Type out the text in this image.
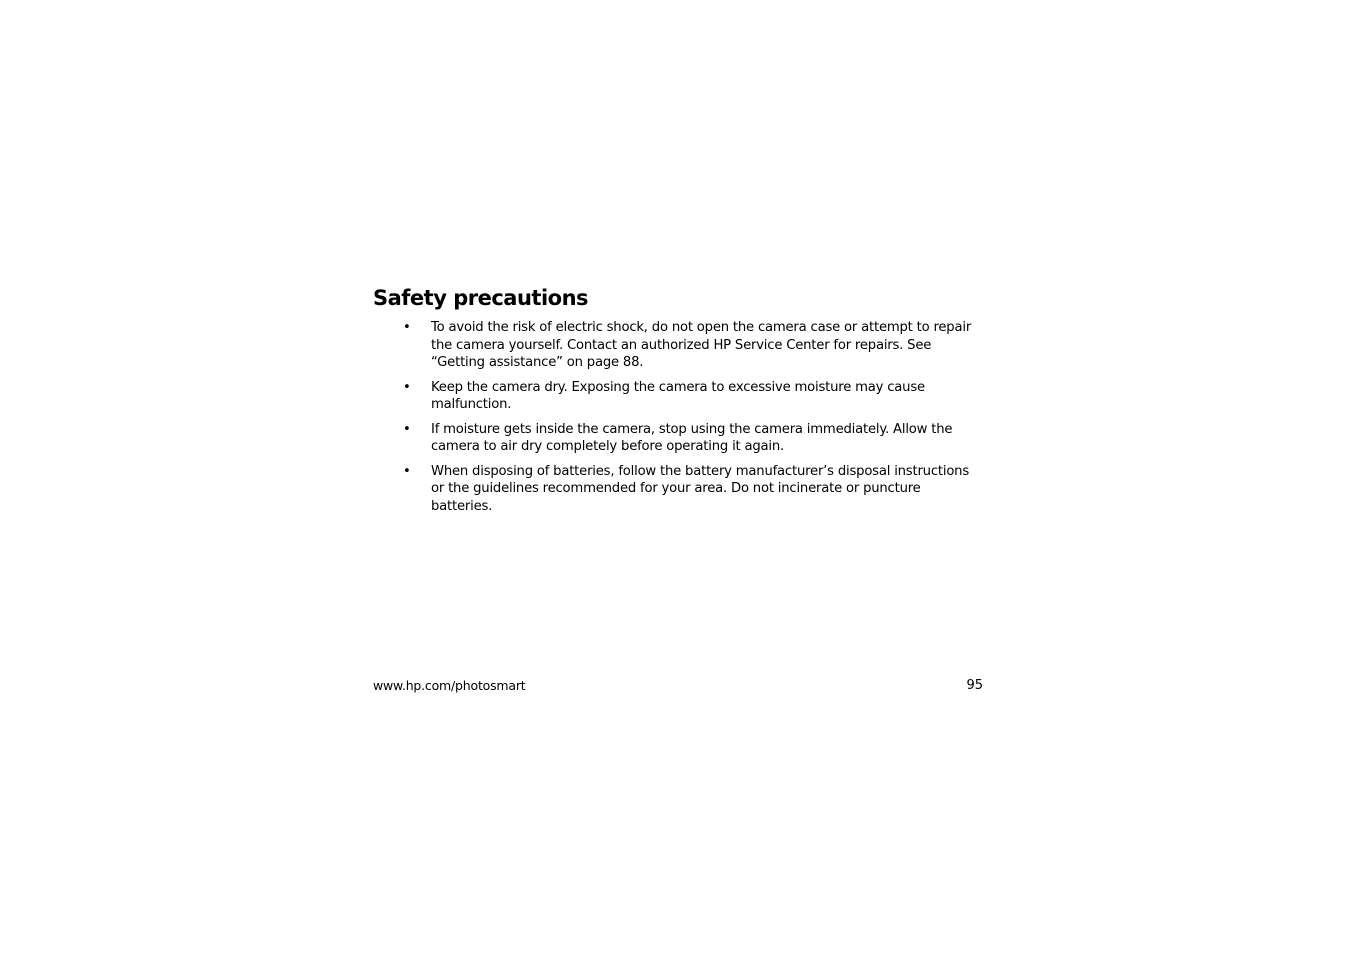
Safety precautions
• To avoid the risk of electric shock, do not open the camera case or attempt to repair the camera yourself. Contact an authorized HP Service Center for repairs. See “Getting assistance” on page 88.
• Keep the camera dry. Exposing the camera to excessive moisture may cause malfunction.
• If moisture gets inside the camera, stop using the camera immediately. Allow the camera to air dry completely before operating it again.
• When disposing of batteries, follow the battery manufacturer’s disposal instructions or the guidelines recommended for your area. Do not incinerate or puncture batteries.
www.hp.com/photosmart	95
